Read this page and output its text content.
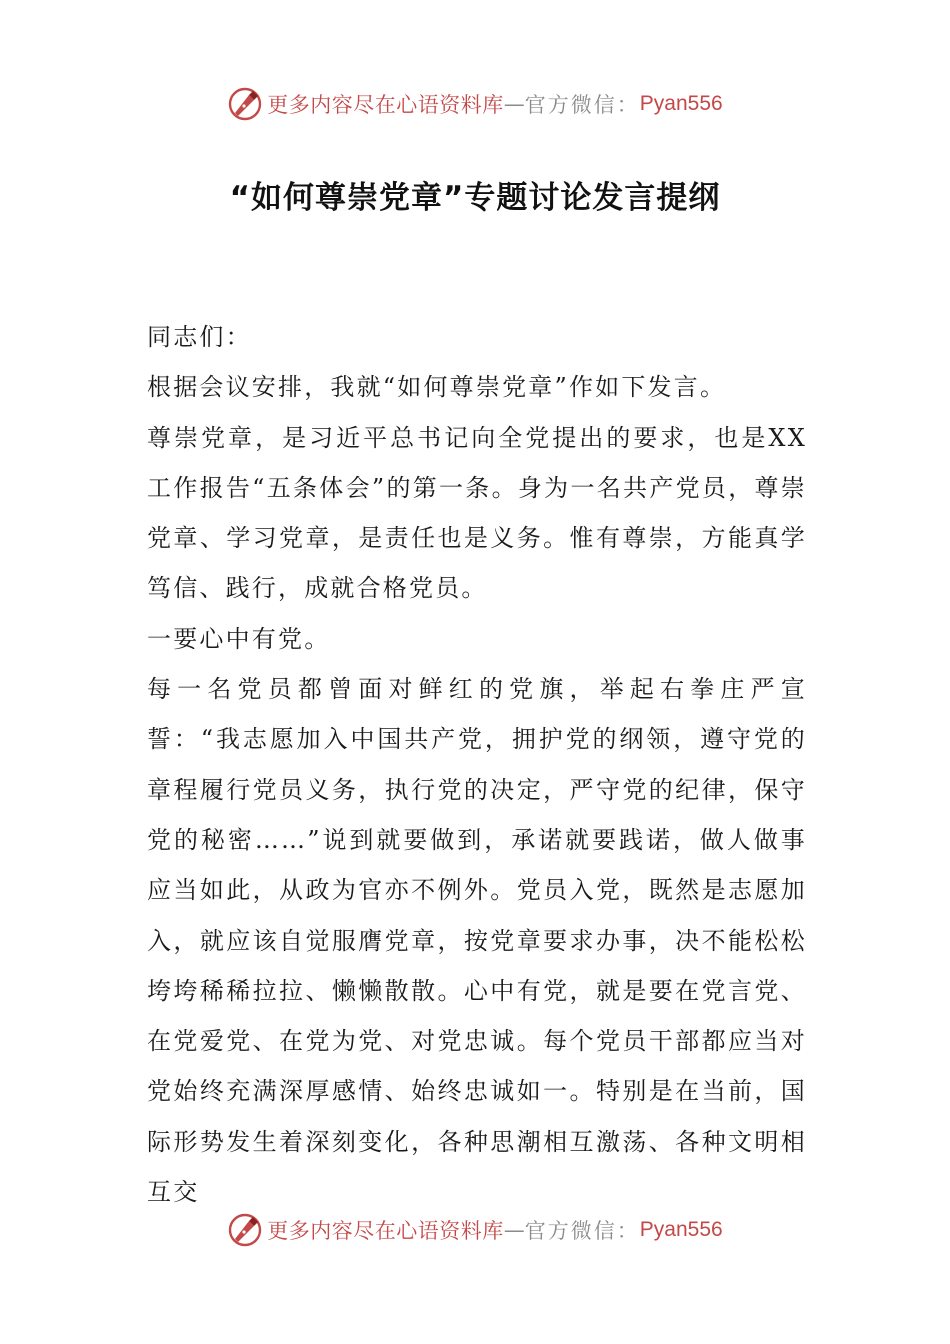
更多内容尽在心语资料库 — 官方微信： Pyan556
“如何尊崇党章”专题讨论发言提纲

同志们：

根据会议安排，我就“如何尊崇党章”作如下发言。

尊崇党章，是习近平总书记向全党提出的要求，也是XX工作报告“五条体会”的第一条。身为一名共产党员，尊崇党章、学习党章，是责任也是义务。惟有尊崇，方能真学笃信、践行，成就合格党员。

一要心中有党。

每一名党员都曾面对鲜红的党旗，举起右拳庄严宣誓：“我志愿加入中国共产党，拥护党的纲领，遵守党的章程履行党员义务，执行党的决定，严守党的纪律，保守党的秘密……”说到就要做到，承诺就要践诺，做人做事应当如此，从政为官亦不例外。党员入党，既然是志愿加入，就应该自觉服膺党章，按党章要求办事，决不能松松垮垮稀稀拉拉、懒懒散散。心中有党，就是要在党言党、在党爱党、在党为党、对党忠诚。每个党员干部都应当对党始终充满深厚感情、始终忠诚如一。特别是在当前，国际形势发生着深刻变化，各种思潮相互激荡、各种文明相互交

更多内容尽在心语资料库 — 官方微信： Pyan556
